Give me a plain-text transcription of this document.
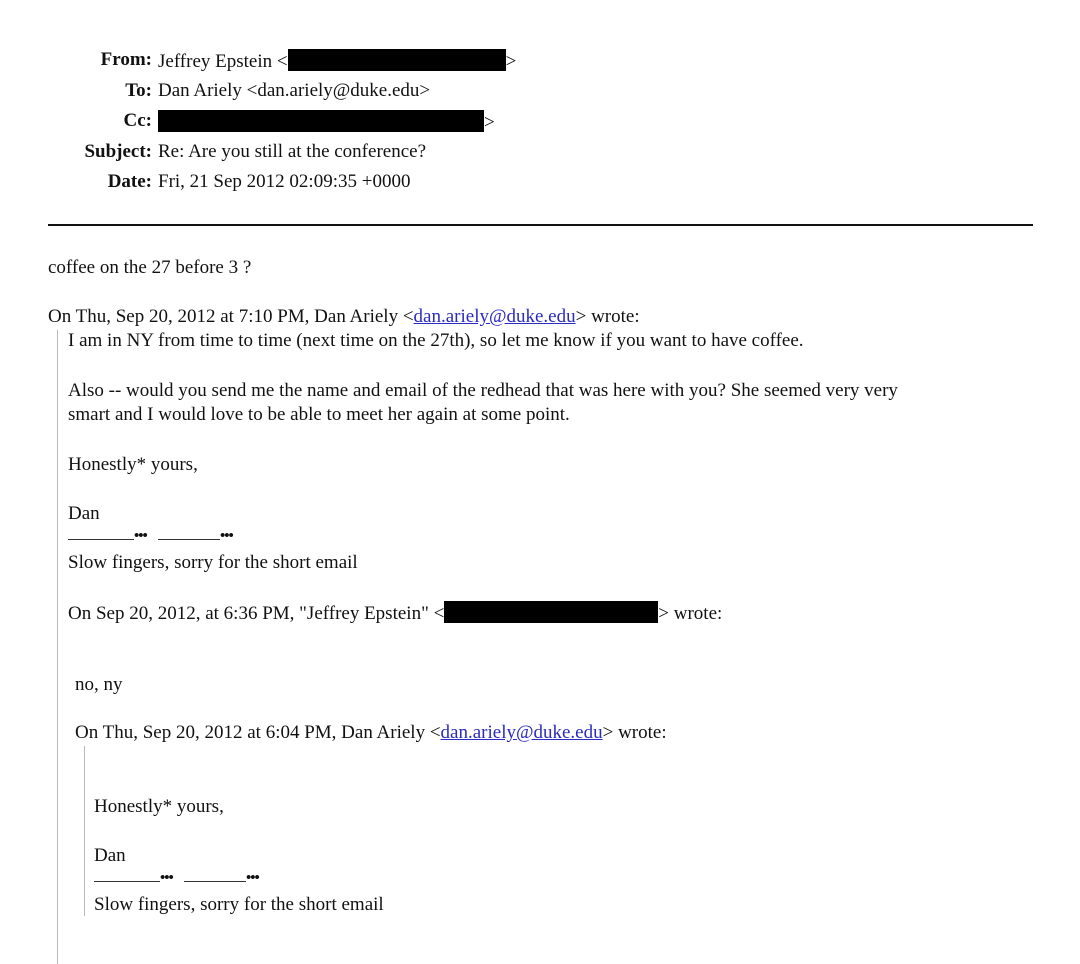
From: Jeffrey Epstein <	>
To: Dan Ariely <dan.ariely@duke.edu>
Cc:	>
Subject: Re: Are you still at the conference?
Date: Fri, 21 Sep 2012 02:09:35 +0000
coffee on the 27 before 3 ?
On Thu, Sep 20, 2012 at 7:10 PM, Dan Ariely <dan.ariely@duke.edu> wrote:
I am in NY from time to time (next time on the 27th), so let me know if you want to have coffee.
Also -- would you send me the name and email of the redhead that was here with you? She seemed very very
smart and I would love to be able to meet her again at some point.
Honestly* yours,
Dan
•••	•••
Slow fingers, sorry for the short email
On Sep 20, 2012, at 6:36 PM, "Jeffrey Epstein" <	> wrote:
no, ny
On Thu, Sep 20, 2012 at 6:04 PM, Dan Ariely <dan.ariely@duke.edu> wrote:
Honestly* yours,
Dan
•••	•••
Slow fingers, sorry for the short email
